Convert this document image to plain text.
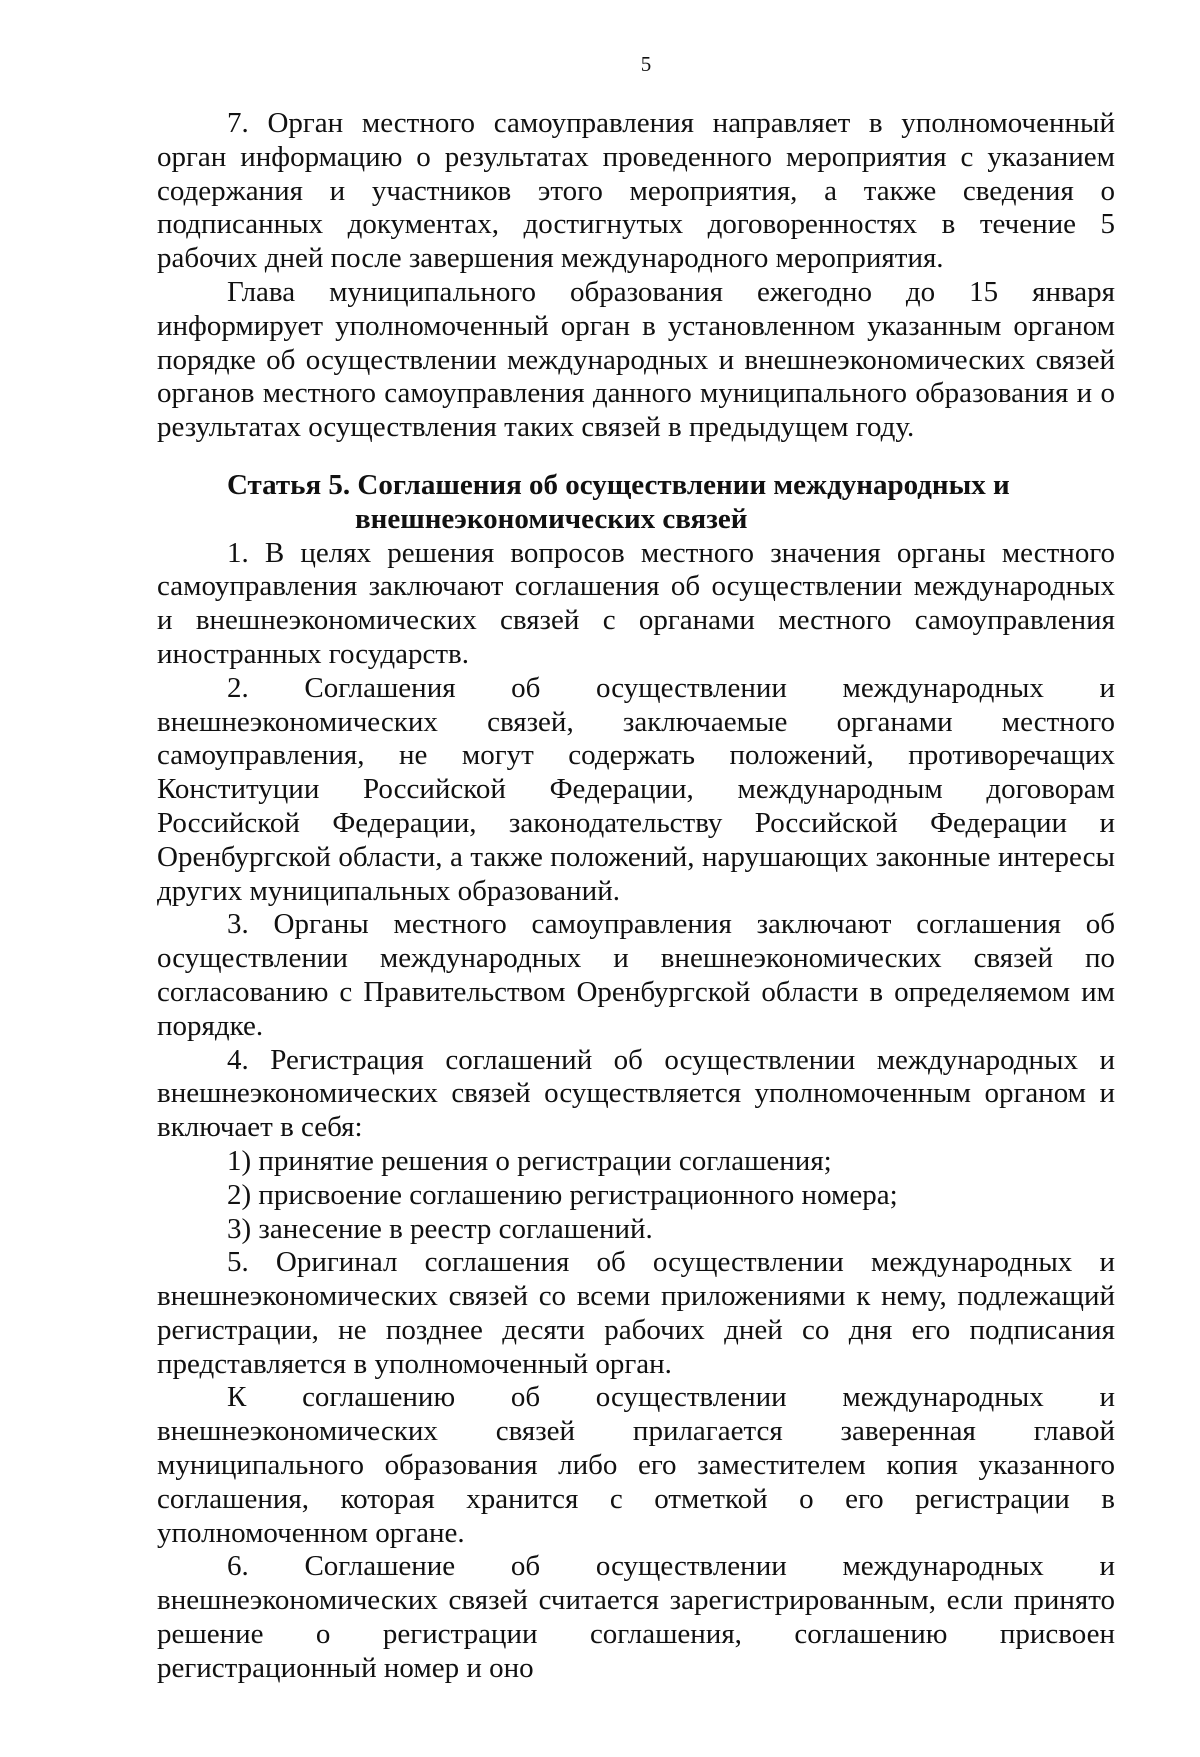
5

7. Орган местного самоуправления направляет в уполномоченный орган информацию о результатах проведенного мероприятия с указанием содержания и участников этого мероприятия, а также сведения о подписанных документах, достигнутых договоренностях в течение 5 рабочих дней после завершения международного мероприятия.

Глава муниципального образования ежегодно до 15 января информирует уполномоченный орган в установленном указанным органом порядке об осуществлении международных и внешнеэкономических связей органов местного самоуправления данного муниципального образования и о результатах осуществления таких связей в предыдущем году.

Статья 5. Соглашения об осуществлении международных и
внешнеэкономических связей

1. В целях решения вопросов местного значения органы местного самоуправления заключают соглашения об осуществлении международных и внешнеэкономических связей с органами местного самоуправления иностранных государств.

2. Соглашения об осуществлении международных и внешнеэкономических связей, заключаемые органами местного самоуправления, не могут содержать положений, противоречащих Конституции Российской Федерации, международным договорам Российской Федерации, законодательству Российской Федерации и Оренбургской области, а также положений, нарушающих законные интересы других муниципальных образований.

3. Органы местного самоуправления заключают соглашения об осуществлении международных и внешнеэкономических связей по согласованию с Правительством Оренбургской области в определяемом им порядке.

4. Регистрация соглашений об осуществлении международных и внешнеэкономических связей осуществляется уполномоченным органом и включает в себя:

1) принятие решения о регистрации соглашения;

2) присвоение соглашению регистрационного номера;

3) занесение в реестр соглашений.

5. Оригинал соглашения об осуществлении международных и внешнеэкономических связей со всеми приложениями к нему, подлежащий регистрации, не позднее десяти рабочих дней со дня его подписания представляется в уполномоченный орган.

К соглашению об осуществлении международных и внешнеэкономических связей прилагается заверенная главой муниципального образования либо его заместителем копия указанного соглашения, которая хранится с отметкой о его регистрации в уполномоченном органе.

6. Соглашение об осуществлении международных и внешнеэкономических связей считается зарегистрированным, если принято решение о регистрации соглашения, соглашению присвоен регистрационный номер и оно
